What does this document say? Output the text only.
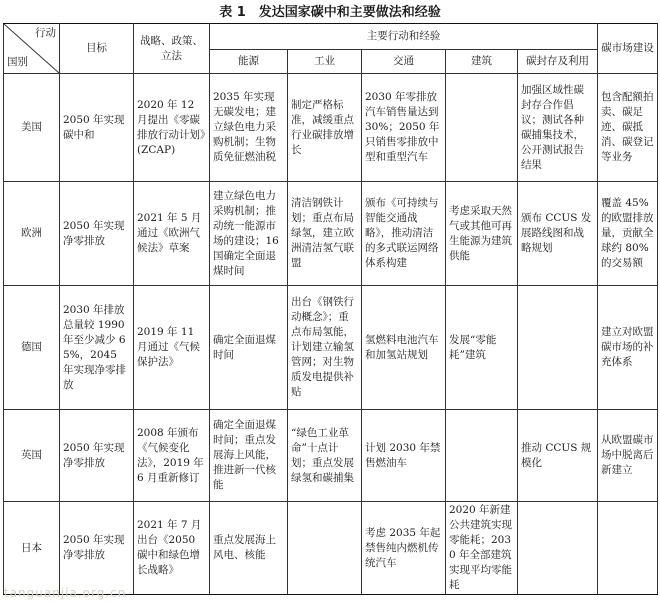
表 1　发达国家碳中和主要做法和经验
行动
国别	目标	战略、政策、立法	主要行动和经验					碳市场建设
			能源	工业	交通	建筑	碳封存及利用	
美国	2050 年实现碳中和	2020 年 12 月提出《零碳排放行动计划》(ZCAP)	2035 年实现无碳发电；建立绿色电力采购机制；生物质免征燃油税	制定严格标准，减缓重点行业碳排放增长	2030 年零排放汽车销售量达到 30%；2050 年只销售零排放中型和重型汽车		加强区域性碳封存合作倡议；测试各种碳捕集技术，公开测试报告结果	包含配额拍卖、碳足迹、碳抵消、碳登记等业务
欧洲	2050 年实现净零排放	2021 年 5 月通过《欧洲气候法》草案	建立绿色电力采购机制；推动统一能源市场的建设；16 国确定全面退煤时间	清洁钢铁计划；重点布局绿氢，建立欧洲清洁氢气联盟	颁布《可持续与智能交通战略》，推动清洁的多式联运网络体系构建	考虑采取天然气或其他可再生能源为建筑供能	颁布 CCUS 发展路线图和战略规划	覆盖 45% 的欧盟排放量，贡献全球约 80% 的交易额
德国	2030 年排放总量较 1990 年至少减少 65%，2045 年实现净零排放	2019 年 11 月通过《气候保护法》	确定全面退煤时间	出台《钢铁行动概念》；重点布局氢能，计划建立输氢管网；对生物质发电提供补贴	氢燃料电池汽车和加氢站规划	发展“零能耗”建筑		建立对欧盟碳市场的补充体系
英国	2050 年实现净零排放	2008 年颁布《气候变化法》，2019 年 6 月重新修订	确定全面退煤时间；重点发展海上风能，推进新一代核能	“绿色工业革命”十点计划；重点发展绿氢和碳捕集	计划 2030 年禁售燃油车		推动 CCUS 规模化	从欧盟碳市场中脱离后新建立
日本	2050 年实现净零排放	2021 年 7 月出台《2050 碳中和绿色增长战略》	重点发展海上风电、核能		考虑 2035 年起禁售纯内燃机传统汽车	2020 年新建公共建筑实现零能耗；2030 年全部建筑实现平均零能耗		
tanguanjia.org.cn
